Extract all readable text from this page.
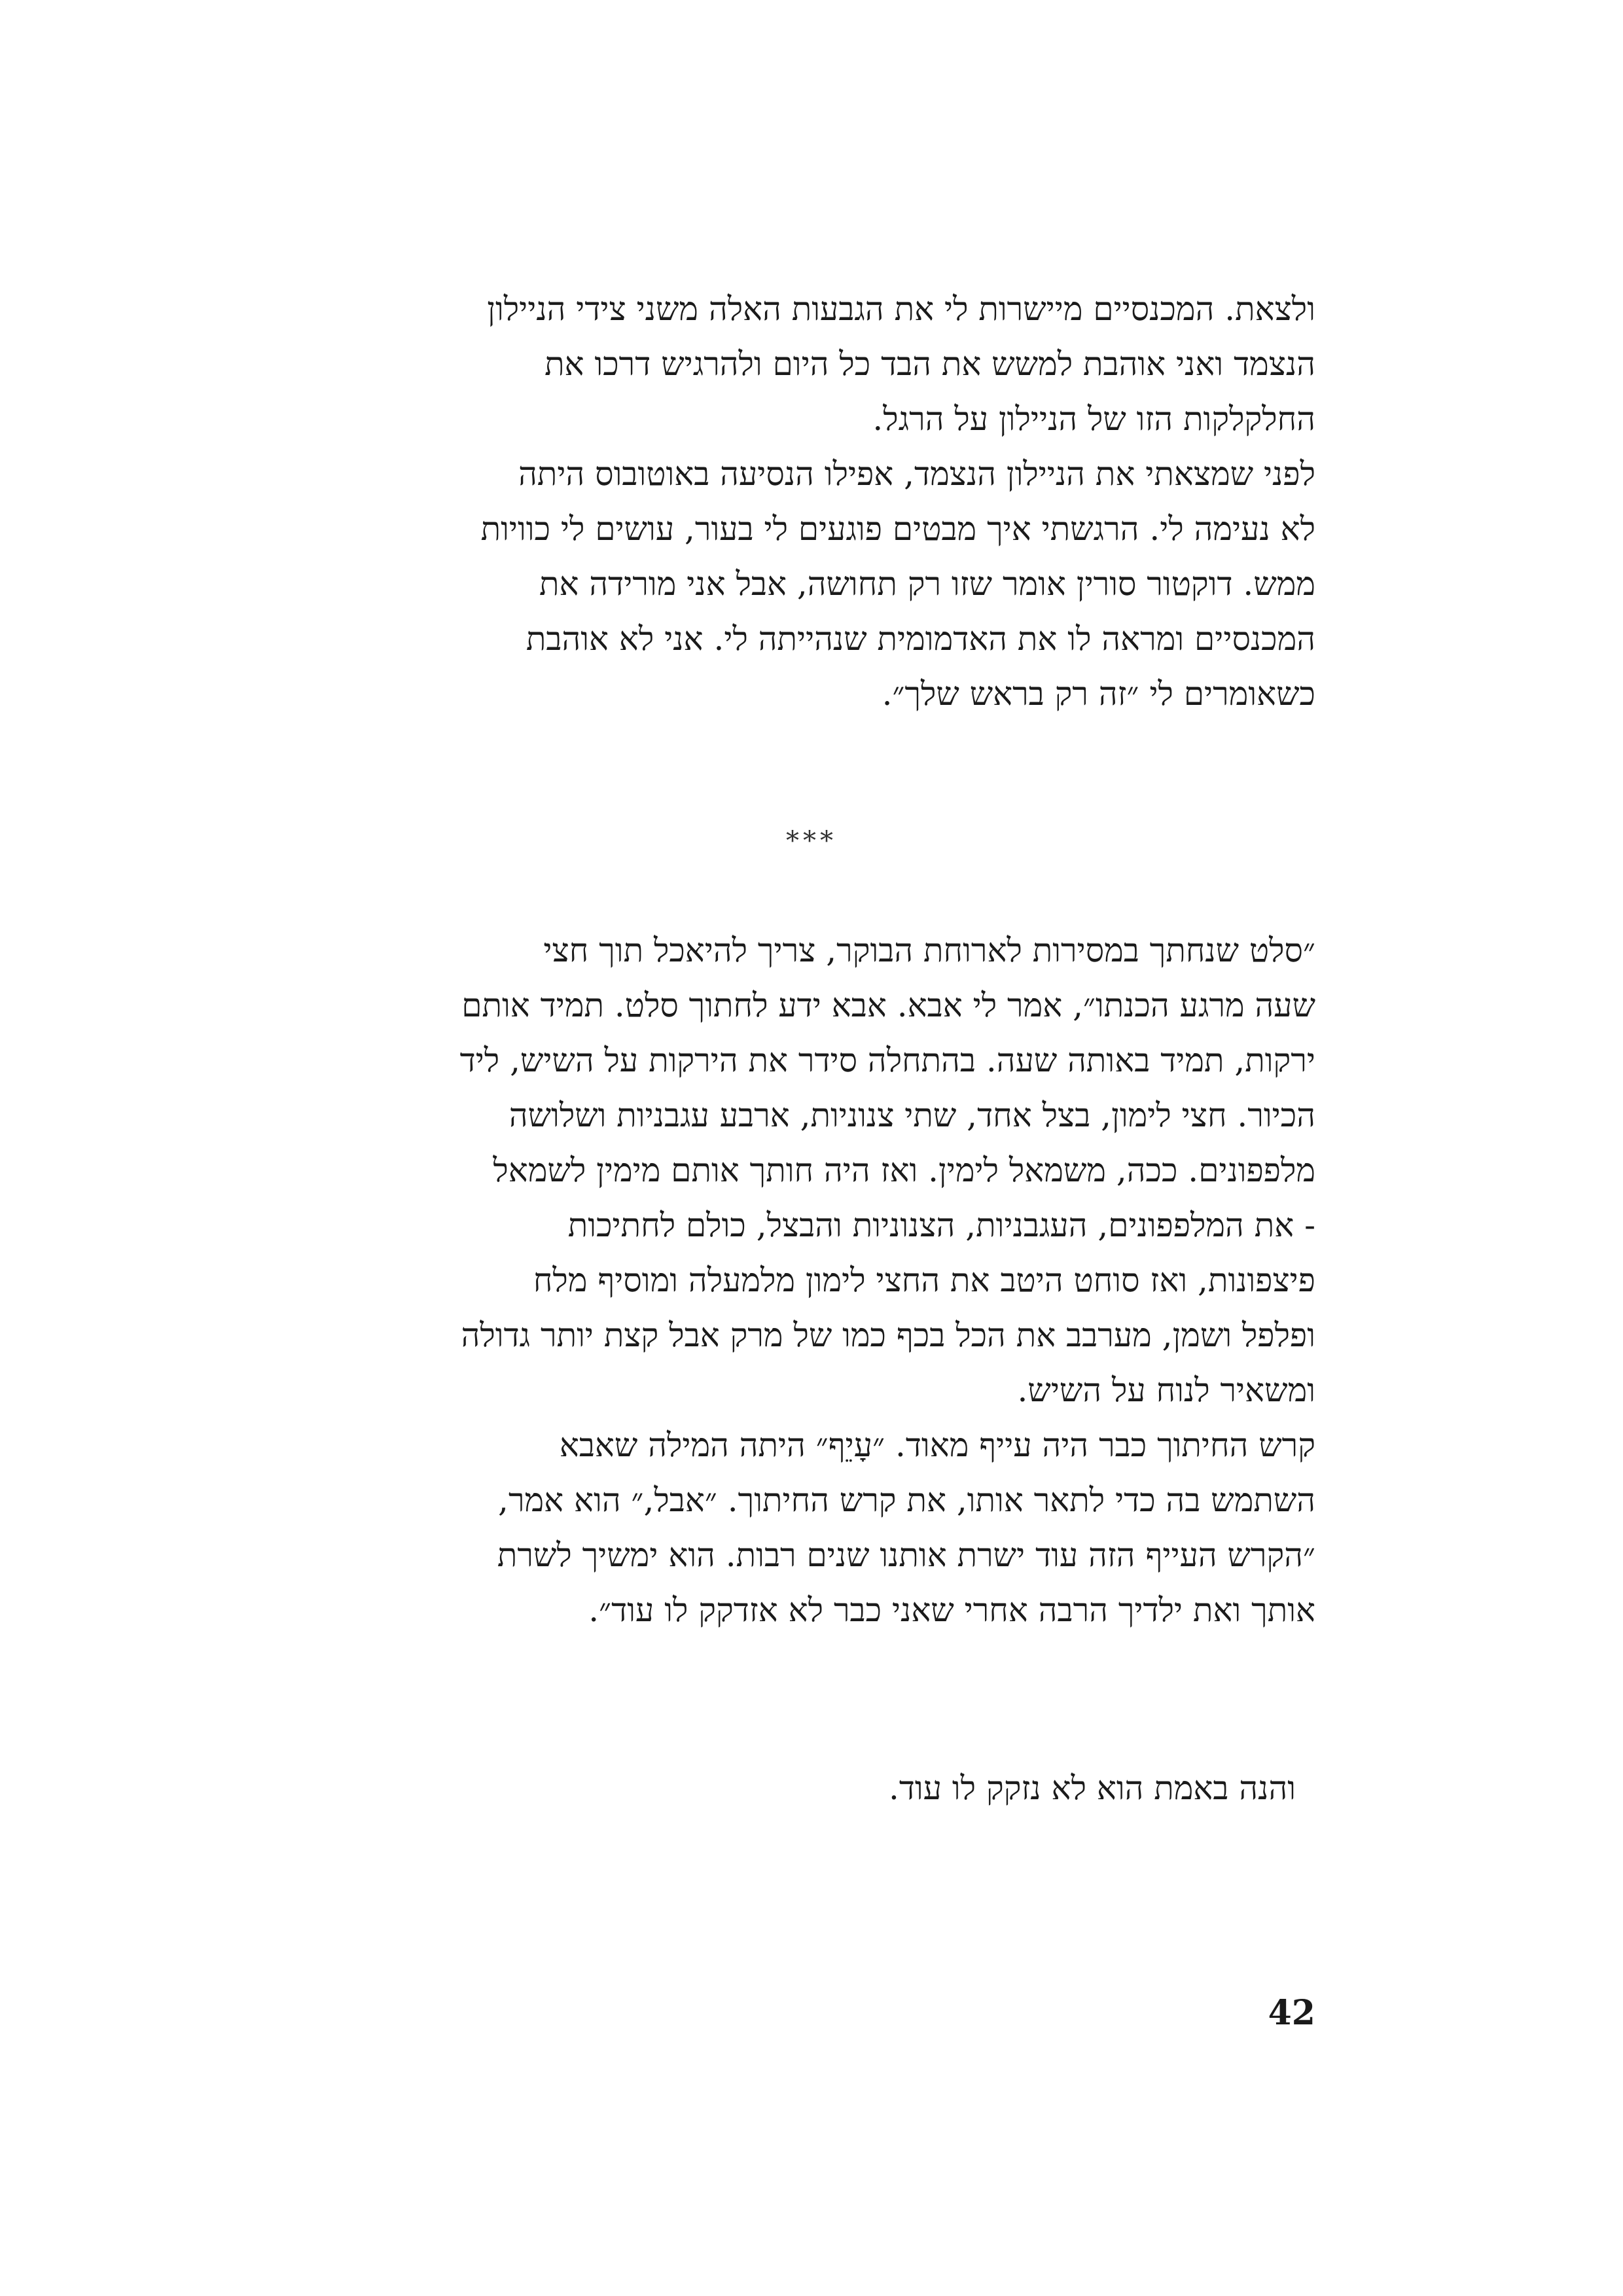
ולצאת. המכנסיים מיישרות לי את הגבעות האלה משני צידי הניילון
הנצמד ואני אוהבת למשש את הבד כל היום ולהרגיש דרכו את
החלקלקות הזו של הניילון על הרגל.

לפני שמצאתי את הניילון הנצמד, אפילו הנסיעה באוטובוס היתה
לא נעימה לי. הרגשתי איך מבטים פוגעים לי בעור, עושים לי כוויות
ממש. דוקטור סורין אומר שזו רק תחושה, אבל אני מורידה את
המכנסיים ומראה לו את האדמומית שנהייתה לי. אני לא אוהבת
כשאומרים לי ״זה רק בראש שלך״.

***

״סלט שנחתך במסירות לארוחת הבוקר, צריך להיאכל תוך חצי
שעה מרגע הכנתו״, אמר לי אבא. אבא ידע לחתוך סלט. תמיד אותם
ירקות, תמיד באותה שעה. בהתחלה סידר את הירקות על השיש, ליד
הכיור. חצי לימון, בצל אחד, שתי צנוניות, ארבע עגבניות ושלושה
מלפפונים. ככה, משמאל לימין. ואז היה חותך אותם מימין לשמאל
- את המלפפונים, העגבניות, הצנוניות והבצל, כולם לחתיכות
פיצפונות, ואז סוחט היטב את החצי לימון מלמעלה ומוסיף מלח
ופלפל ושמן, מערבב את הכל בכף כמו של מרק אבל קצת יותר גדולה
ומשאיר לנוח על השיש.

קרש החיתוך כבר היה עייף מאוד. ״עָיֵף״ היתה המילה שאבא
השתמש בה כדי לתאר אותו, את קרש החיתוך. ״אבל,״ הוא אמר,
״הקרש העייף הזה עוד ישרת אותנו שנים רבות. הוא ימשיך לשרת
אותך ואת ילדיך הרבה אחרי שאני כבר לא אזדקק לו עוד״.

והנה באמת הוא לא נזקק לו עוד.
42
